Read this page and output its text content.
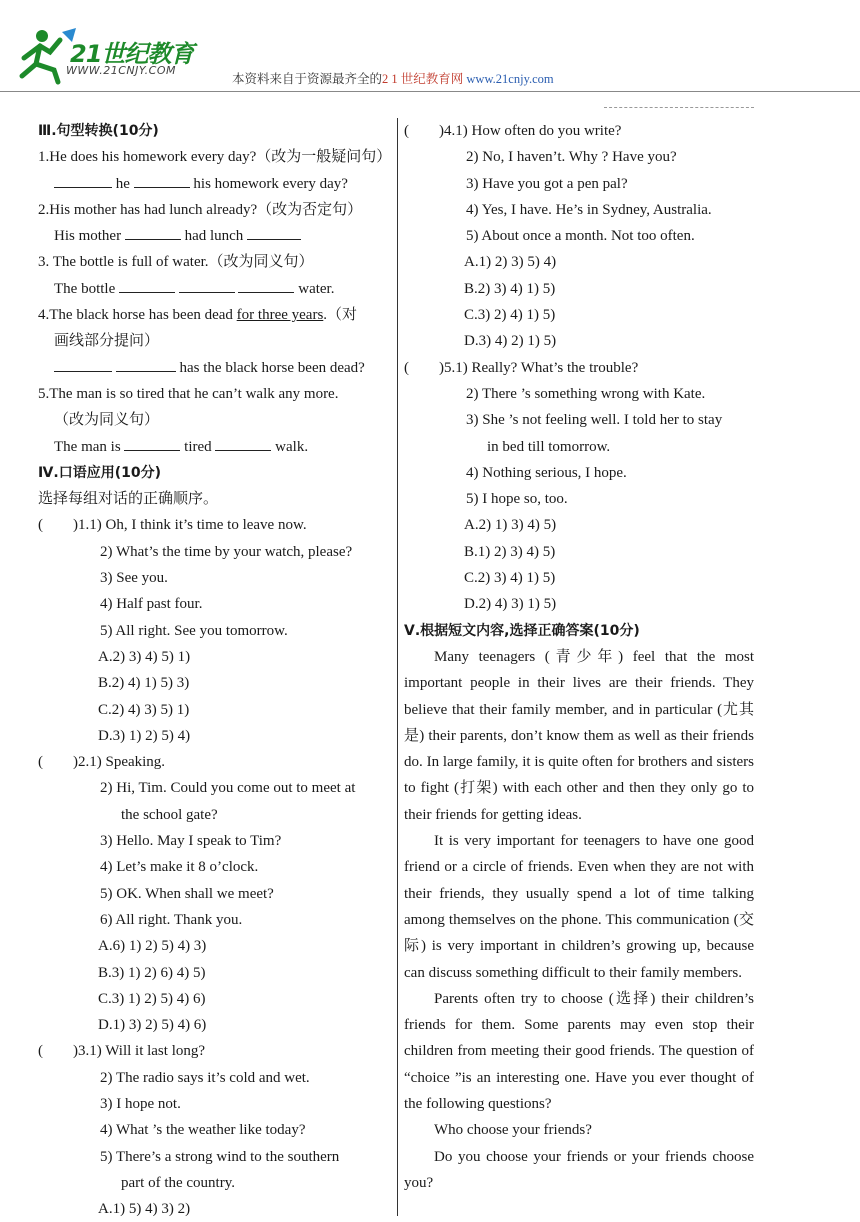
21世纪教育
WWW.21CNJY.COM
本资料来自于资源最齐全的2 1 世纪教育网 www.21cnjy.com
Ⅲ.句型转换(10分)
1.He does his homework every day?（改为一般疑问句）
he	his homework every day?
2.His mother has had lunch already?（改为否定句）
His mother	had lunch
3. The bottle is full of water.（改为同义句）
The bottle	water.
4.The black horse has been dead for three years.（对
画线部分提问）
has the black horse been dead?
5.The man is so tired that he can’t walk any more.
（改为同义句）
The man is	tired	walk.
Ⅳ.口语应用(10分)
选择每组对话的正确顺序。
(　　)1.1) Oh, I think it’s time to leave now.
2) What’s the time by your watch, please?
3) See you.
4) Half past four.
5) All right. See you tomorrow.
A.2) 3) 4) 5) 1)
B.2) 4) 1) 5) 3)
C.2) 4) 3) 5) 1)
D.3) 1) 2) 5) 4)
(　　)2.1) Speaking.
2) Hi, Tim. Could you come out to meet at
the school gate?
3) Hello. May I speak to Tim?
4) Let’s make it 8 o’clock.
5) OK. When shall we meet?
6) All right. Thank you.
A.6) 1) 2) 5) 4) 3)
B.3) 1) 2) 6) 4) 5)
C.3) 1) 2) 5) 4) 6)
D.1) 3) 2) 5) 4) 6)
(　　)3.1) Will it last long?
2) The radio says it’s cold and wet.
3) I hope not.
4) What ’s the weather like today?
5) There’s a strong wind to the southern
part of the country.
A.1) 5) 4) 3) 2)
(　　)4.1) How often do you write?
2) No, I haven’t. Why ? Have you?
3) Have you got a pen pal?
4) Yes, I have. He’s in Sydney, Australia.
5) About once a month. Not too often.
A.1) 2) 3) 5) 4)
B.2) 3) 4) 1) 5)
C.3) 2) 4) 1) 5)
D.3) 4) 2) 1) 5)
(　　)5.1) Really? What’s the trouble?
2) There ’s something wrong with Kate.
3) She ’s not feeling well. I told her to stay
in bed till tomorrow.
4) Nothing serious, I hope.
5) I hope so, too.
A.2) 1) 3) 4) 5)
B.1) 2) 3) 4) 5)
C.2) 3) 4) 1) 5)
D.2) 4) 3) 1) 5)
Ⅴ.根据短文内容,选择正确答案(10分)
Many teenagers (青少年) feel that the most important people in their lives are their friends. They believe that their family member, and in particular (尤其是) their parents, don’t know them as well as their friends do. In large family, it is quite often for brothers and sisters to fight (打架) with each other and then they only go to their friends for getting ideas.
It is very important for teenagers to have one good friend or a circle of friends. Even when they are not with their friends, they usually spend a lot of time talking among themselves on the phone. This communication (交际) is very important in children’s growing up, because can discuss something difficult to their family members.
Parents often try to choose (选择) their children’s friends for them. Some parents may even stop their children from meeting their good friends. The question of “choice ”is an interesting one. Have you ever thought of the following questions?
Who choose your friends?
Do you choose your friends or your friends choose you?
